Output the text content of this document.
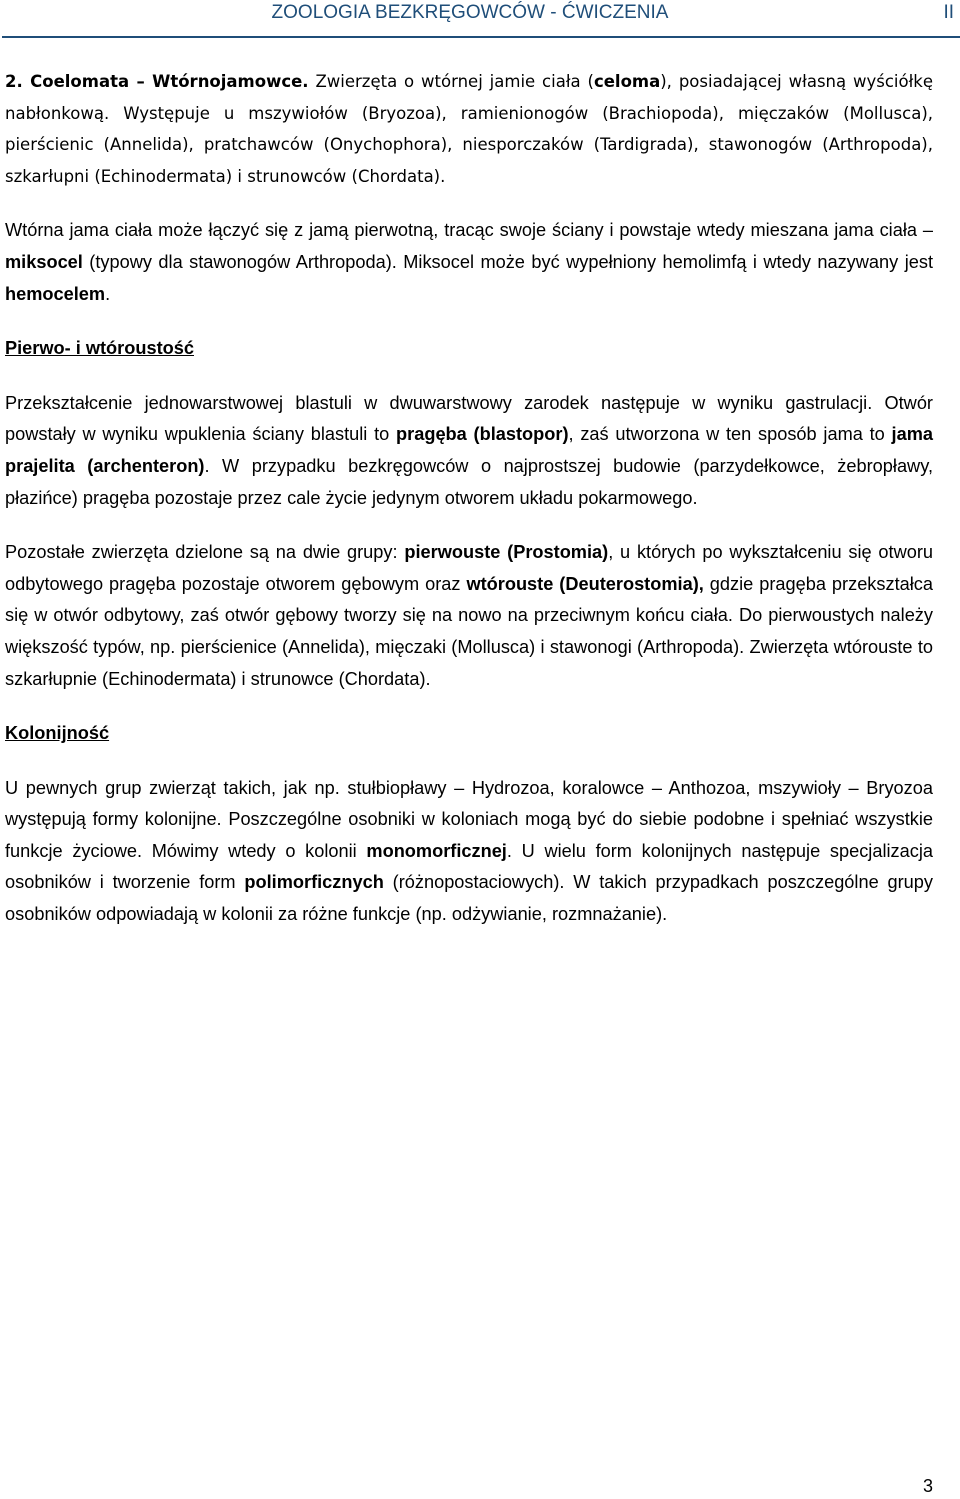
ZOOLOGIA BEZKRĘGOWCÓW - ĆWICZENIA	II

2. Coelomata – Wtórnojamowce. Zwierzęta o wtórnej jamie ciała (celoma), posiadającej własną wyściółkę nabłonkową. Występuje u mszywiołów (Bryozoa), ramienionogów (Brachiopoda), mięczaków (Mollusca), pierścienic (Annelida), pratchawców (Onychophora), niesporczaków (Tardigrada), stawonogów (Arthropoda), szkarłupni (Echinodermata) i strunowców (Chordata).

Wtórna jama ciała może łączyć się z jamą pierwotną, tracąc swoje ściany i powstaje wtedy mieszana jama ciała – miksocel (typowy dla stawonogów Arthropoda). Miksocel może być wypełniony hemolimfą i wtedy nazywany jest hemocelem.

Pierwo- i wtóroustość

Przekształcenie jednowarstwowej blastuli w dwuwarstwowy zarodek następuje w wyniku gastrulacji. Otwór powstały w wyniku wpuklenia ściany blastuli to pragęba (blastopor), zaś utworzona w ten sposób jama to jama prajelita (archenteron). W przypadku bezkręgowców o najprostszej budowie (parzydełkowce, żebropławy, płazińce) pragęba pozostaje przez cale życie jedynym otworem układu pokarmowego.

Pozostałe zwierzęta dzielone są na dwie grupy: pierwouste (Prostomia), u których po wykształceniu się otworu odbytowego pragęba pozostaje otworem gębowym oraz wtórouste (Deuterostomia), gdzie pragęba przekształca się w otwór odbytowy, zaś otwór gębowy tworzy się na nowo na przeciwnym końcu ciała. Do pierwoustych należy większość typów, np. pierścienice (Annelida), mięczaki (Mollusca) i stawonogi (Arthropoda). Zwierzęta wtórouste to szkarłupnie (Echinodermata) i strunowce (Chordata).

Kolonijność

U pewnych grup zwierząt takich, jak np. stułbiopławy – Hydrozoa, koralowce – Anthozoa, mszywioły – Bryozoa występują formy kolonijne. Poszczególne osobniki w koloniach mogą być do siebie podobne i spełniać wszystkie funkcje życiowe. Mówimy wtedy o kolonii monomorficznej. U wielu form kolonijnych następuje specjalizacja osobników i tworzenie form polimorficznych (różnopostaciowych). W takich przypadkach poszczególne grupy osobników odpowiadają w kolonii za różne funkcje (np. odżywianie, rozmnażanie).

3
